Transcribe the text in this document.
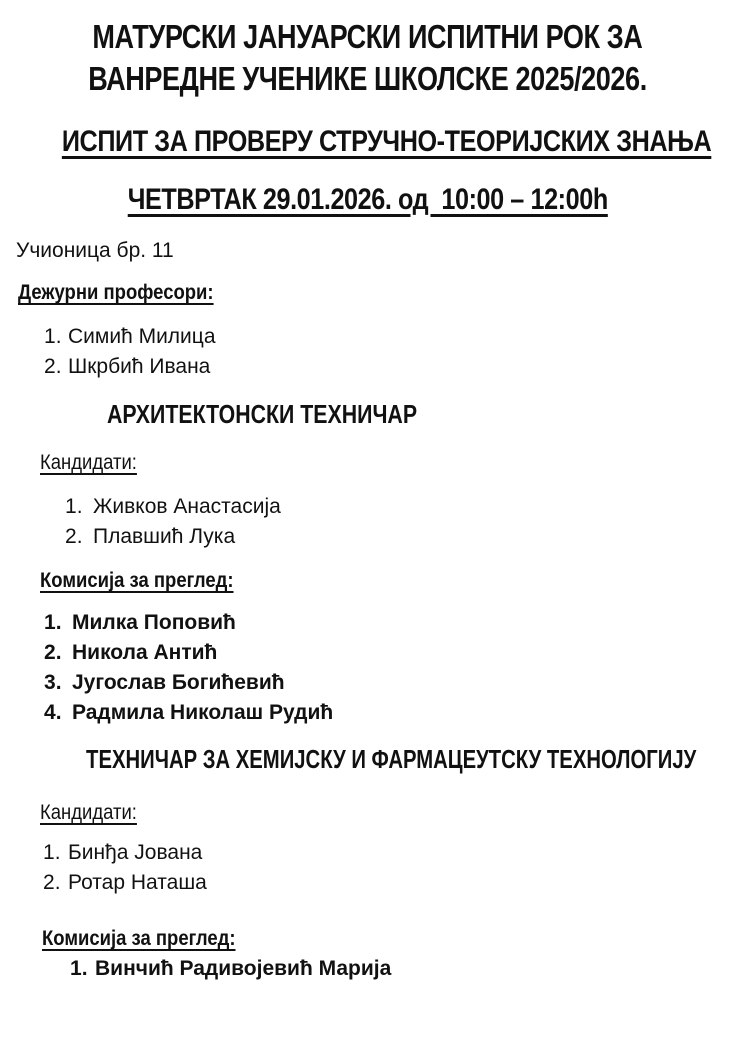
МАТУРСКИ ЈАНУАРСКИ ИСПИТНИ РОК ЗА
ВАНРЕДНЕ УЧЕНИКЕ ШКОЛСКЕ 2025/2026.
ИСПИТ ЗА ПРОВЕРУ СТРУЧНО-ТЕОРИЈСКИХ ЗНАЊА
ЧЕТВРТАК 29.01.2026. од  10:00 – 12:00h
Учионица бр. 11
Дежурни професори:
Симић Милица
Шкрбић Ивана
АРХИТЕКТОНСКИ ТЕХНИЧАР
Кандидати:
Живков Анастасија
Плавшић Лука
Комисија за преглед:
Милка Поповић
Никола Антић
Југослав Богићевић
Радмила Николаш Рудић
ТЕХНИЧАР ЗА ХЕМИЈСКУ И ФАРМАЦЕУТСКУ ТЕХНОЛОГИЈУ
Кандидати:
Бинђа Јована
Ротар Наташа
Комисија за преглед:
Винчић Радивојевић Марија
